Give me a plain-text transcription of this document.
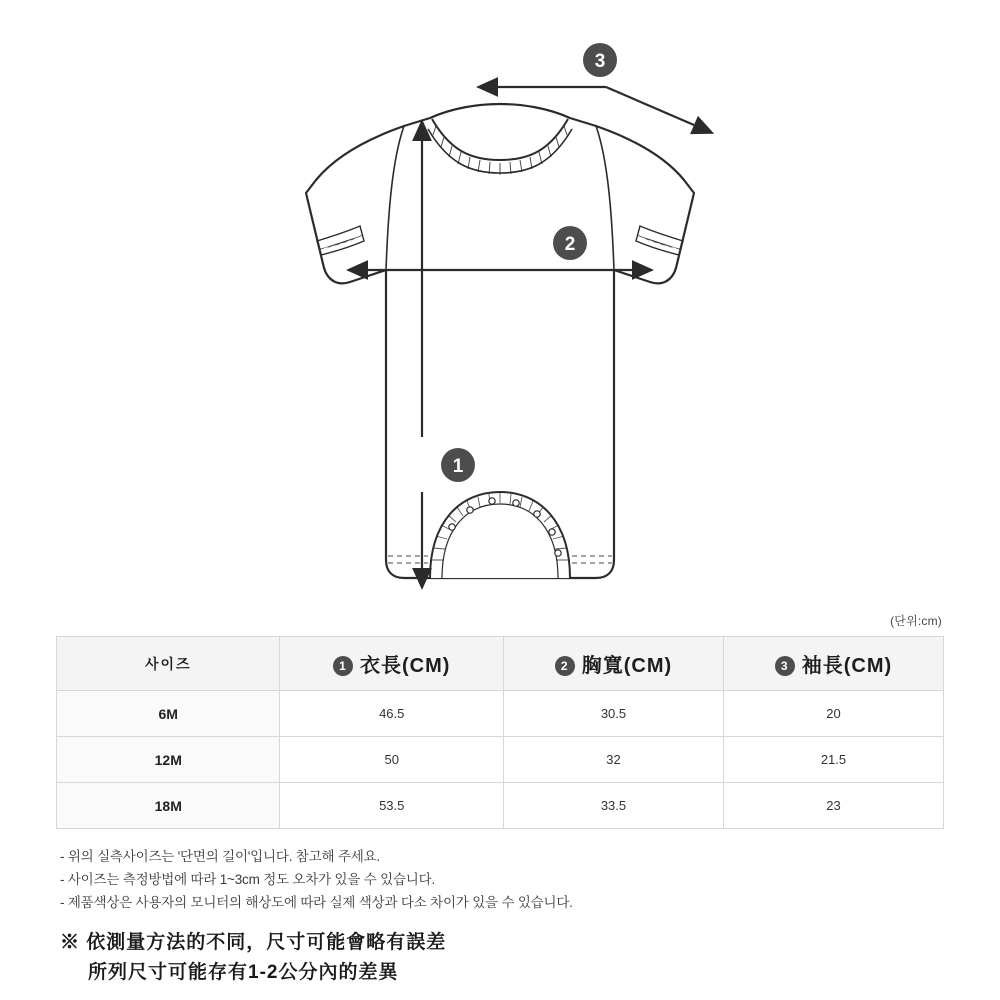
3
2
1
(단위:cm)
사이즈	1 衣長(CM)	2 胸寬(CM)	3 袖長(CM)
6M	46.5	30.5	20
12M	50	32	21.5
18M	53.5	33.5	23
- 위의 실측사이즈는 '단면의 길이'입니다. 참고해 주세요.
- 사이즈는 측정방법에 따라 1~3cm 정도 오차가 있을 수 있습니다.
- 제품색상은 사용자의 모니터의 해상도에 따라 실제 색상과 다소 차이가 있을 수 있습니다.
※ 依測量方法的不同，尺寸可能會略有誤差
所列尺寸可能存有1-2公分內的差異
